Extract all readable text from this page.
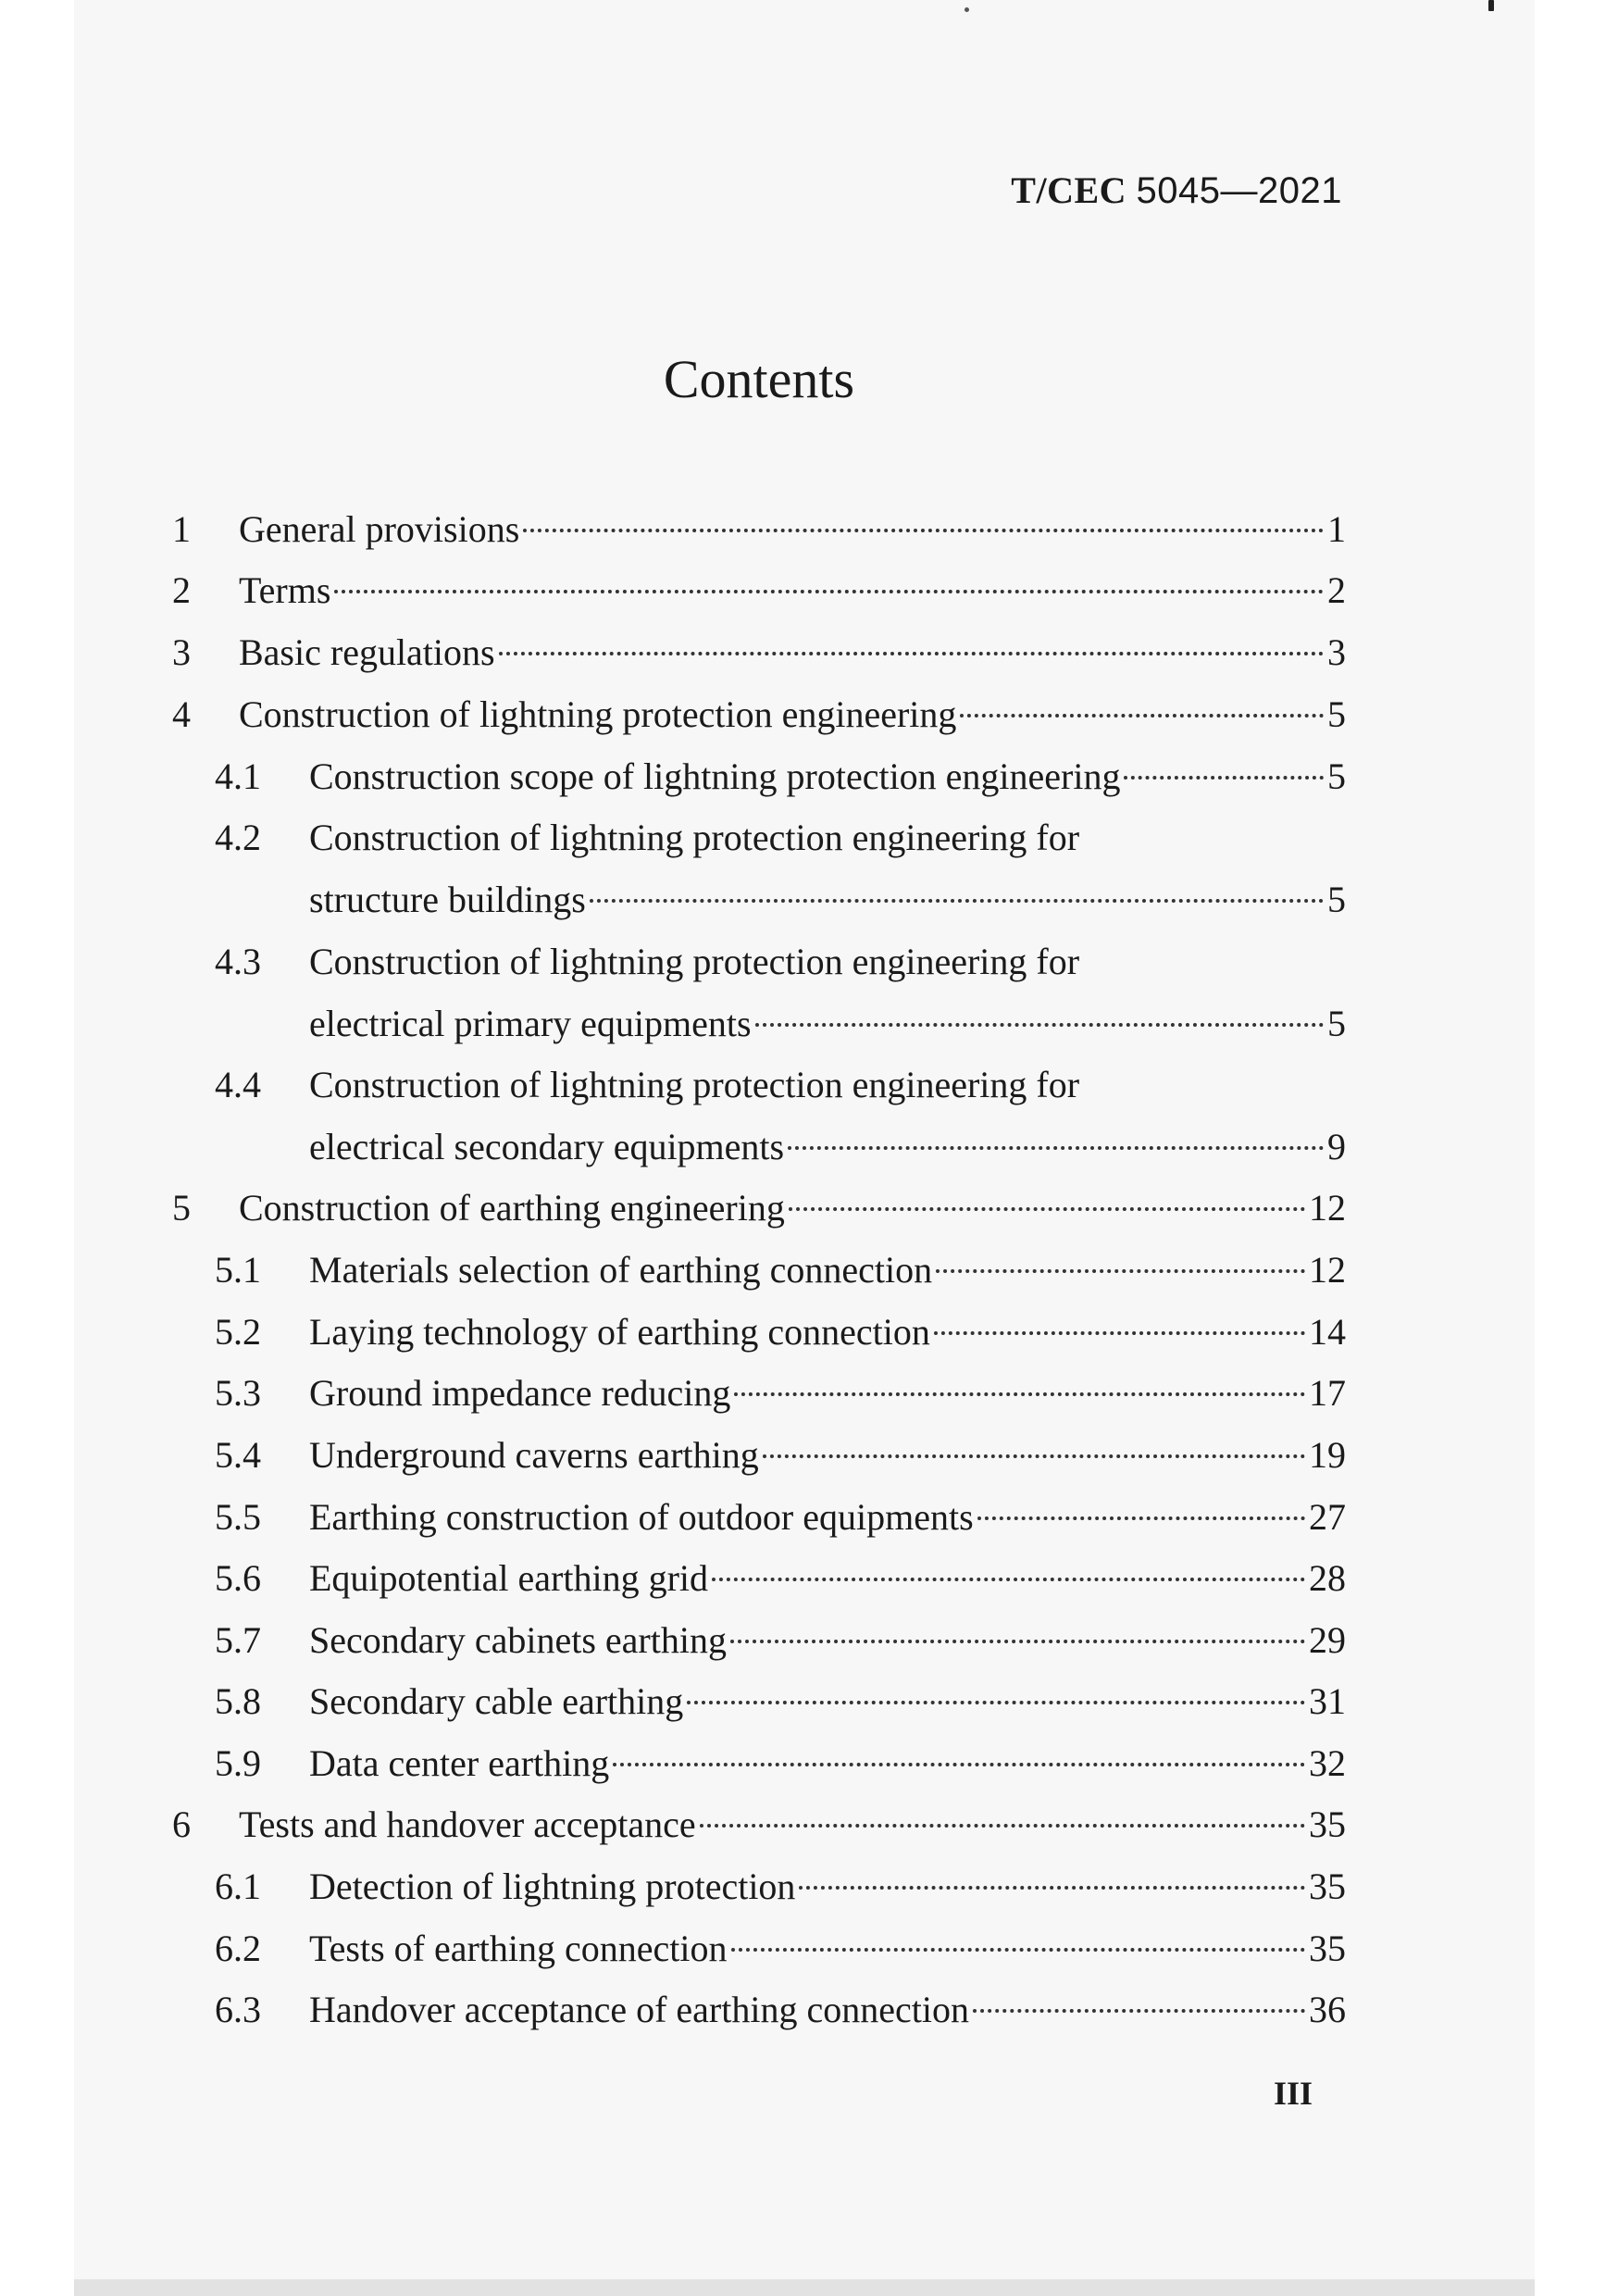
T/CEC 5045—2021
Contents
1	General provisions	1
2	Terms	2
3	Basic regulations	3
4	Construction of lightning protection engineering	5
4.1	Construction scope of lightning protection engineering	5
4.2	Construction of lightning protection engineering for
structure buildings	5
4.3	Construction of lightning protection engineering for
electrical primary equipments	5
4.4	Construction of lightning protection engineering for
electrical secondary equipments	9
5	Construction of earthing engineering	12
5.1	Materials selection of earthing connection	12
5.2	Laying technology of earthing connection	14
5.3	Ground impedance reducing	17
5.4	Underground caverns earthing	19
5.5	Earthing construction of outdoor equipments	27
5.6	Equipotential earthing grid	28
5.7	Secondary cabinets earthing	29
5.8	Secondary cable earthing	31
5.9	Data center earthing	32
6	Tests and handover acceptance	35
6.1	Detection of lightning protection	35
6.2	Tests of earthing connection	35
6.3	Handover acceptance of earthing connection	36
III
